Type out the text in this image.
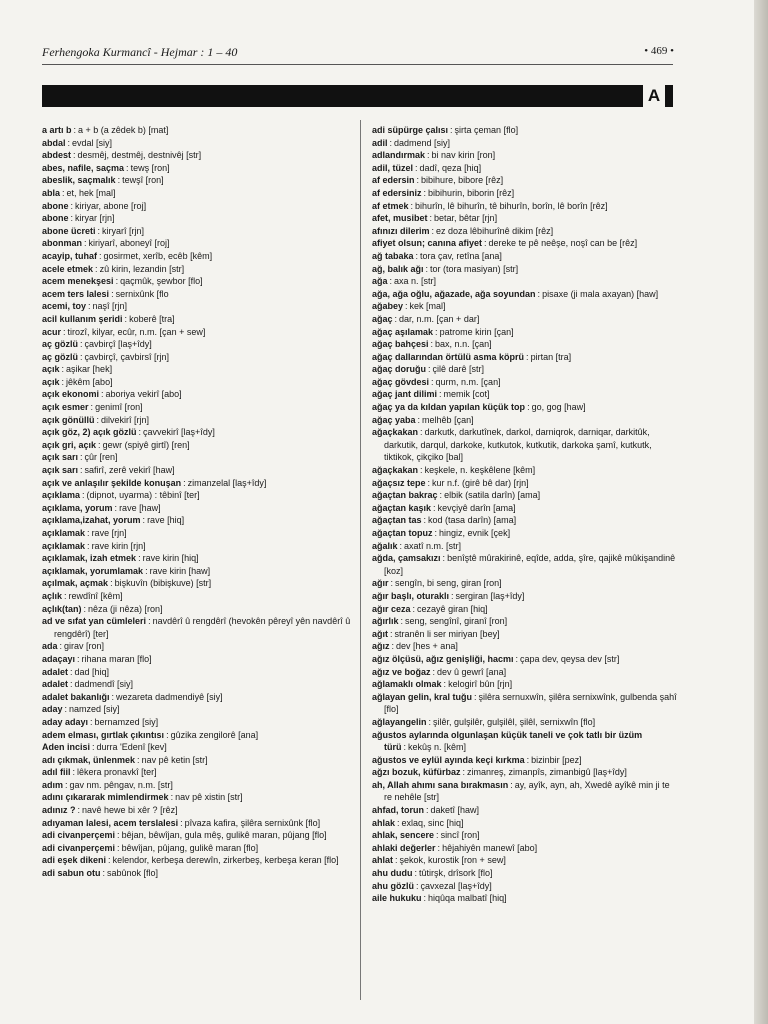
Ferhengoka Kurmancî - Hejmar : 1 – 40	• 469 •
A

a artı b : a + b (a zêdek b) [mat]

abdal : evdal [siy]

abdest : desmêj, destmêj, destnivêj [str]

abes, nafile, saçma : tewş [ron]

abeslik, saçmalık : tewşî [ron]

abla : et, hek [mal]

abone : kiriyar, abone [roj]

abone : kiryar [rjn]

abone ücreti : kiryarî [rjn]

abonman : kiriyarî, aboneyî [roj]

acayip, tuhaf : gosirmet, xerîb, ecêb [kêm]

acele etmek : zû kirin, lezandin [str]

acem menekşesi : qaçmûk, şewbor [flo]

acem ters lalesi : sernixûnk [flo

acemi, toy : naşî [rjn]

acil kullanım şeridi : koberê [tra]

acur : tirozî, kilyar, ecûr, n.m. [çan + sew]

aç gözlü : çavbirçî [laş+îdy]

aç gözlü : çavbirçî, çavbirsî [rjn]

açık : aşikar [hek]

açık : jêkêm [abo]

açık ekonomi : aboriya vekirî [abo]

açık esmer : genimî [ron]

açık gönüllü : dilvekirî [rjn]

açık göz, 2) açık gözlü : çavvekirî [laş+îdy]

açık gri, açık : gewr (spiyê girtî) [ren]

açık sarı : çûr [ren]

açık sarı : safirî, zerê vekirî [haw]

açık ve anlaşılır şekilde konuşan : zimanzelal [laş+îdy]

açıklama : (dipnot, uyarma) : têbinî [ter]

açıklama, yorum : rave [haw]

açıklama,izahat, yorum : rave [hiq]

açıklamak : rave [rjn]

açıklamak : rave kirin [rjn]

açıklamak, izah etmek : rave kirin [hiq]

açıklamak, yorumlamak : rave kirin [haw]

açılmak, açmak : bişkuvîn (bibişkuve) [str]

açlık : rewdînî [kêm]

açlık(tan) : nêza (ji nêza) [ron]

ad ve sıfat yan cümleleri : navdêrî û rengdêrî (hevokên pêreyî yên navdêrî û rengdêrî) [ter]

ada : girav [ron]

adaçayı : rihana maran [flo]

adalet : dad [hiq]

adalet : dadmendî [siy]

adalet bakanlığı : wezareta dadmendiyê [siy]

aday : namzed [siy]

aday adayı : bernamzed [siy]

adem elması, gırtlak çıkıntısı : gûzika zengilorê [ana]

Aden incisi : durra 'Edenî [kev]

adı çıkmak, ünlenmek : nav pê ketin [str]

adıl fiil : lêkera pronavkî [ter]

adım : gav nm. pêngav, n.m. [str]

adını çıkararak mimlendirmek : nav pê xistin [str]

adınız ? : navê hewe bi xêr ? [rêz]

adıyaman lalesi, acem terslalesi : pîvaza kafira, şilêra sernixûnk [flo]

adi civanperçemi : bêjan, bêwîjan, gula mêş, gulikê maran, pûjang [flo]

adi civanperçemi : bêwîjan, pûjang, gulikê maran [flo]

adi eşek dikeni : kelendor, kerbeşa derewîn, zirkerbeş, kerbeşa keran [flo]

adi sabun otu : sabûnok [flo]

adi süpürge çalısı : şirta çeman [flo]

adil : dadmend [siy]

adlandırmak : bi nav kirin [ron]

adil, tüzel : dadî, qeza [hiq]

af edersin : bibihure, bibore [rêz]

af edersiniz : bibihurin, biborin [rêz]

af etmek : bihurîn, lê bihurîn, tê bihurîn, borîn, lê borîn [rêz]

afet, musibet : betar, bêtar [rjn]

afınızı dilerim : ez doza lêbihurînê dikim [rêz]

afiyet olsun; canına afiyet : dereke te pê neêşe, noşî can be [rêz]

ağ tabaka : tora çav, retîna [ana]

ağ, balık ağı : tor (tora masiyan) [str]

ağa : axa n. [str]

ağa, ağa oğlu, ağazade, ağa soyundan : pisaxe (ji mala axayan) [haw]

ağabey : kek [mal]

ağaç : dar, n.m. [çan + dar]

ağaç aşılamak : patrome kirin [çan]

ağaç bahçesi : bax, n.n. [çan]

ağaç dallarından örtülü asma köprü : pirtan [tra]

ağaç doruğu : çilê darê [str]

ağaç gövdesi : qurm, n.m. [çan]

ağaç jant dilimi : memik [cot]

ağaç ya da kıldan yapılan küçük top : go, gog [haw]

ağaç yaba : melhêb [çan]

ağaçkakan : darkutk, darkutînek, darkol, darniqrok, darniqar, darkitûk, darkutik, darqul, darkoke, kutkutok, kutkutik, darkoka şamî, kutkutk, tiktikok, çikçiko [bal]

ağaçkakan : keşkele, n. keşkêlene [kêm]

ağaçsız tepe : kur n.f. (girê bê dar) [rjn]

ağaçtan bakraç : elbik (satila darîn) [ama]

ağaçtan kaşık : kevçiyê darîn [ama]

ağaçtan tas : kod (tasa darîn) [ama]

ağaçtan topuz : hingiz, evnik [çek]

ağalık : axatî n.m. [str]

ağda, çamsakızı : benîştê mûrakirinê, eqîde, adda, şîre, qajikê mûkişandinê [koz]

ağır : sengîn, bi seng, giran [ron]

ağır başlı, oturaklı : sergiran [laş+îdy]

ağır ceza : cezayê giran [hiq]

ağırlık : seng, sengînî, giranî [ron]

ağıt : stranên li ser miriyan [bey]

ağız : dev [hes + ana]

ağız ölçüsü, ağız genişliği, hacmı : çapa dev, qeysa dev [str]

ağız ve boğaz : dev û gewrî [ana]

ağlamaklı olmak : kelogirî bûn [rjn]

ağlayan gelin, kral tuğu : şilêra sernuxwîn, şilêra sernixwînk, gulbenda şahî [flo]

ağlayangelin : şilêr, gulşilêr, gulşilêl, şilêl, sernixwîn [flo]

ağustos aylarında olgunlaşan küçük taneli ve çok tatlı bir üzüm türü : kekûş n. [kêm]

ağustos ve eylül ayında keçi kırkma : bizinbir [pez]

ağzı bozuk, küfürbaz : zimanreş, zimanpîs, zimanbigû [laş+îdy]

ah, Allah ahımı sana bırakmasın : ay, ayîk, ayn, ah, Xwedê ayîkê min ji te re nehêle [str]

ahfad, torun : daketî [haw]

ahlak : exlaq, sinc [hiq]

ahlak, sencere : sincî [ron]

ahlaki değerler : hêjahiyên manewî [abo]

ahlat : şekok, kurostik [ron + sew]

ahu dudu : tûtirşk, drîsork [flo]

ahu gözlü : çavxezal [laş+îdy]

aile hukuku : hiqûqa malbatî [hiq]
